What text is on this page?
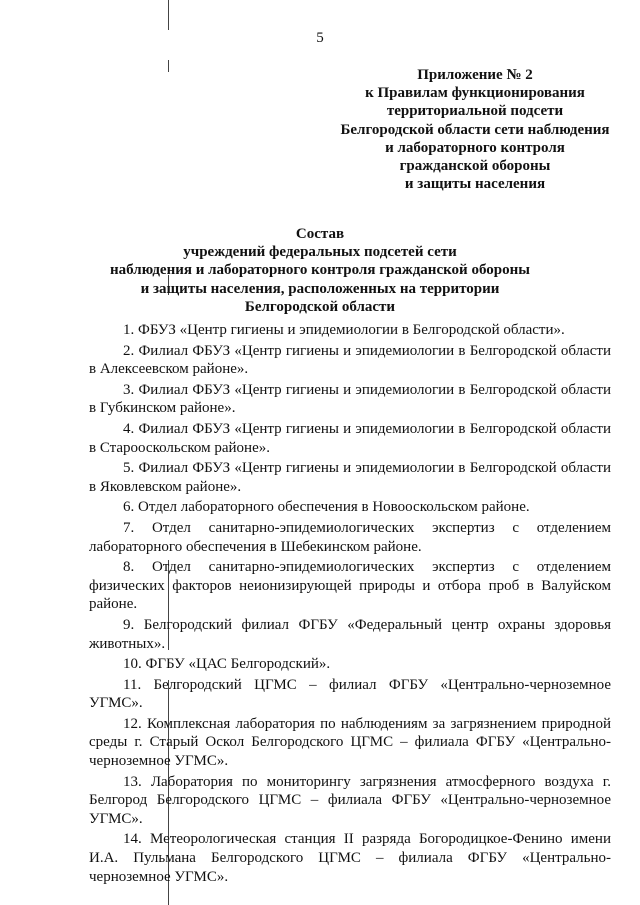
5
Приложение № 2
к Правилам функционирования
территориальной подсети
Белгородской области сети наблюдения
и лабораторного контроля
гражданской обороны
и защиты населения
Состав
учреждений федеральных подсетей сети
наблюдения и лабораторного контроля гражданской обороны
и защиты населения, расположенных на территории
Белгородской области

1. ФБУЗ «Центр гигиены и эпидемиологии в Белгородской области».

2. Филиал ФБУЗ «Центр гигиены и эпидемиологии в Белгородской области в Алексеевском районе».

3. Филиал ФБУЗ «Центр гигиены и эпидемиологии в Белгородской области в Губкинском районе».

4. Филиал ФБУЗ «Центр гигиены и эпидемиологии в Белгородской области в Старооскольском районе».

5. Филиал ФБУЗ «Центр гигиены и эпидемиологии в Белгородской области в Яковлевском районе».

6. Отдел лабораторного обеспечения в Новооскольском районе.

7. Отдел санитарно-эпидемиологических экспертиз с отделением лабораторного обеспечения в Шебекинском районе.

8. Отдел санитарно-эпидемиологических экспертиз с отделением физических факторов неионизирующей природы и отбора проб в Валуйском районе.

9. Белгородский филиал ФГБУ «Федеральный центр охраны здоровья животных».

10. ФГБУ «ЦАС Белгородский».

11. Белгородский ЦГМС – филиал ФГБУ «Центрально-черноземное УГМС».

12. Комплексная лаборатория по наблюдениям за загрязнением природной среды г. Старый Оскол Белгородского ЦГМС – филиала ФГБУ «Центрально-черноземное УГМС».

13. Лаборатория по мониторингу загрязнения атмосферного воздуха г. Белгород Белгородского ЦГМС – филиала ФГБУ «Центрально-черноземное УГМС».

14. Метеорологическая станция II разряда Богородицкое-Фенино имени И.А. Пульмана Белгородского ЦГМС – филиала ФГБУ «Центрально-черноземное УГМС».
